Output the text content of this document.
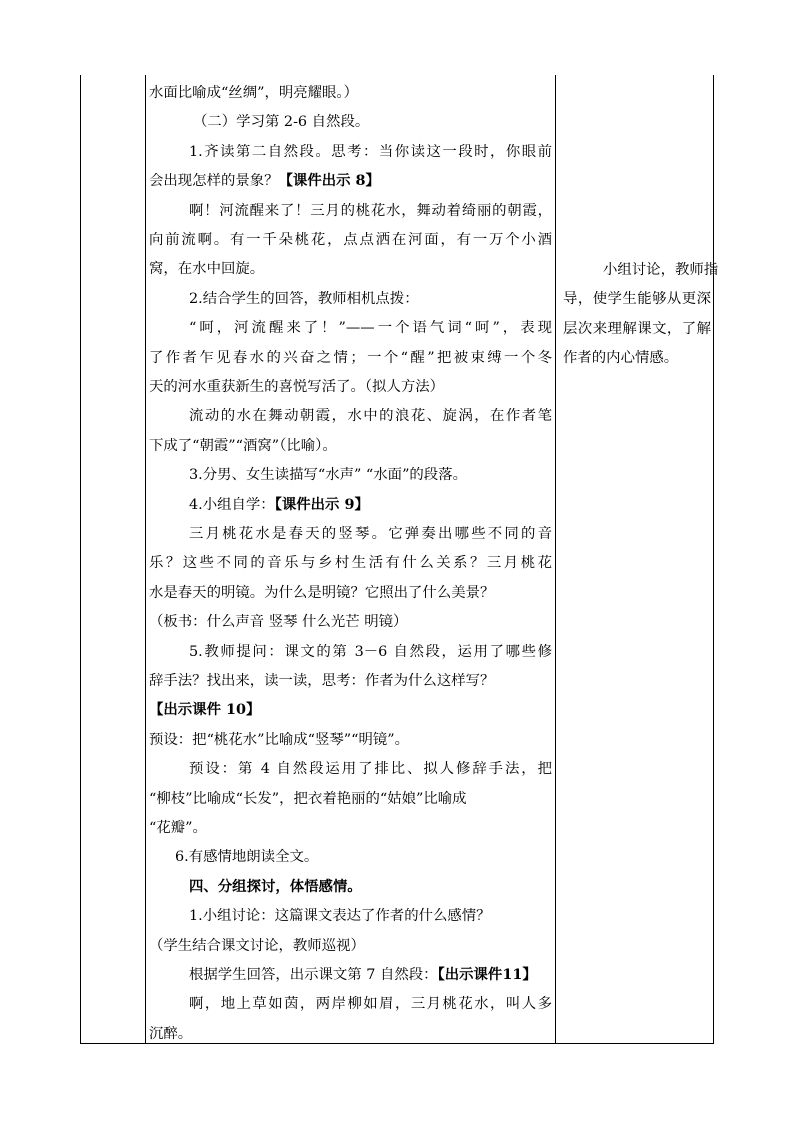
水面比喻成“丝绸”，明亮耀眼。）
（二）学习第 2-6 自然段。
1.齐读第二自然段。思考：当你读这一段时，你眼前
会出现怎样的景象？【课件出示 8】
啊！河流醒来了！三月的桃花水，舞动着绮丽的朝霞，
向前流啊。有一千朵桃花，点点洒在河面，有一万个小酒
窝，在水中回旋。
2.结合学生的回答，教师相机点拨：
“呵，河流醒来了！”——一个语气词“呵”，表现
了作者乍见春水的兴奋之情；一个“醒”把被束缚一个冬
天的河水重获新生的喜悦写活了。（拟人方法）
流动的水在舞动朝霞，水中的浪花、旋涡，在作者笔
下成了“朝霞”“酒窝”（比喻）。
3.分男、女生读描写“水声” “水面”的段落。
4.小组自学：【课件出示 9】
三月桃花水是春天的竖琴。它弹奏出哪些不同的音
乐？这些不同的音乐与乡村生活有什么关系？三月桃花
水是春天的明镜。为什么是明镜？它照出了什么美景？
（板书：什么声音 竖琴 什么光芒 明镜）
5.教师提问：课文的第 3－6 自然段，运用了哪些修
辞手法？找出来，读一读，思考：作者为什么这样写？
【出示课件 10】
预设：把“桃花水”比喻成“竖琴”“明镜”。
预设：第 4 自然段运用了排比、拟人修辞手法，把
“柳枝”比喻成“长发”，把衣着艳丽的“姑娘”比喻成
“花瓣”。
6.有感情地朗读全文。
四、分组探讨，体悟感情。
1.小组讨论：这篇课文表达了作者的什么感情？
（学生结合课文讨论，教师巡视）
根据学生回答，出示课文第 7 自然段：【出示课件11】
啊，地上草如茵，两岸柳如眉，三月桃花水，叫人多
沉醉。
小组讨论，教师指
导，使学生能够从更深
层次来理解课文，了解
作者的内心情感。
